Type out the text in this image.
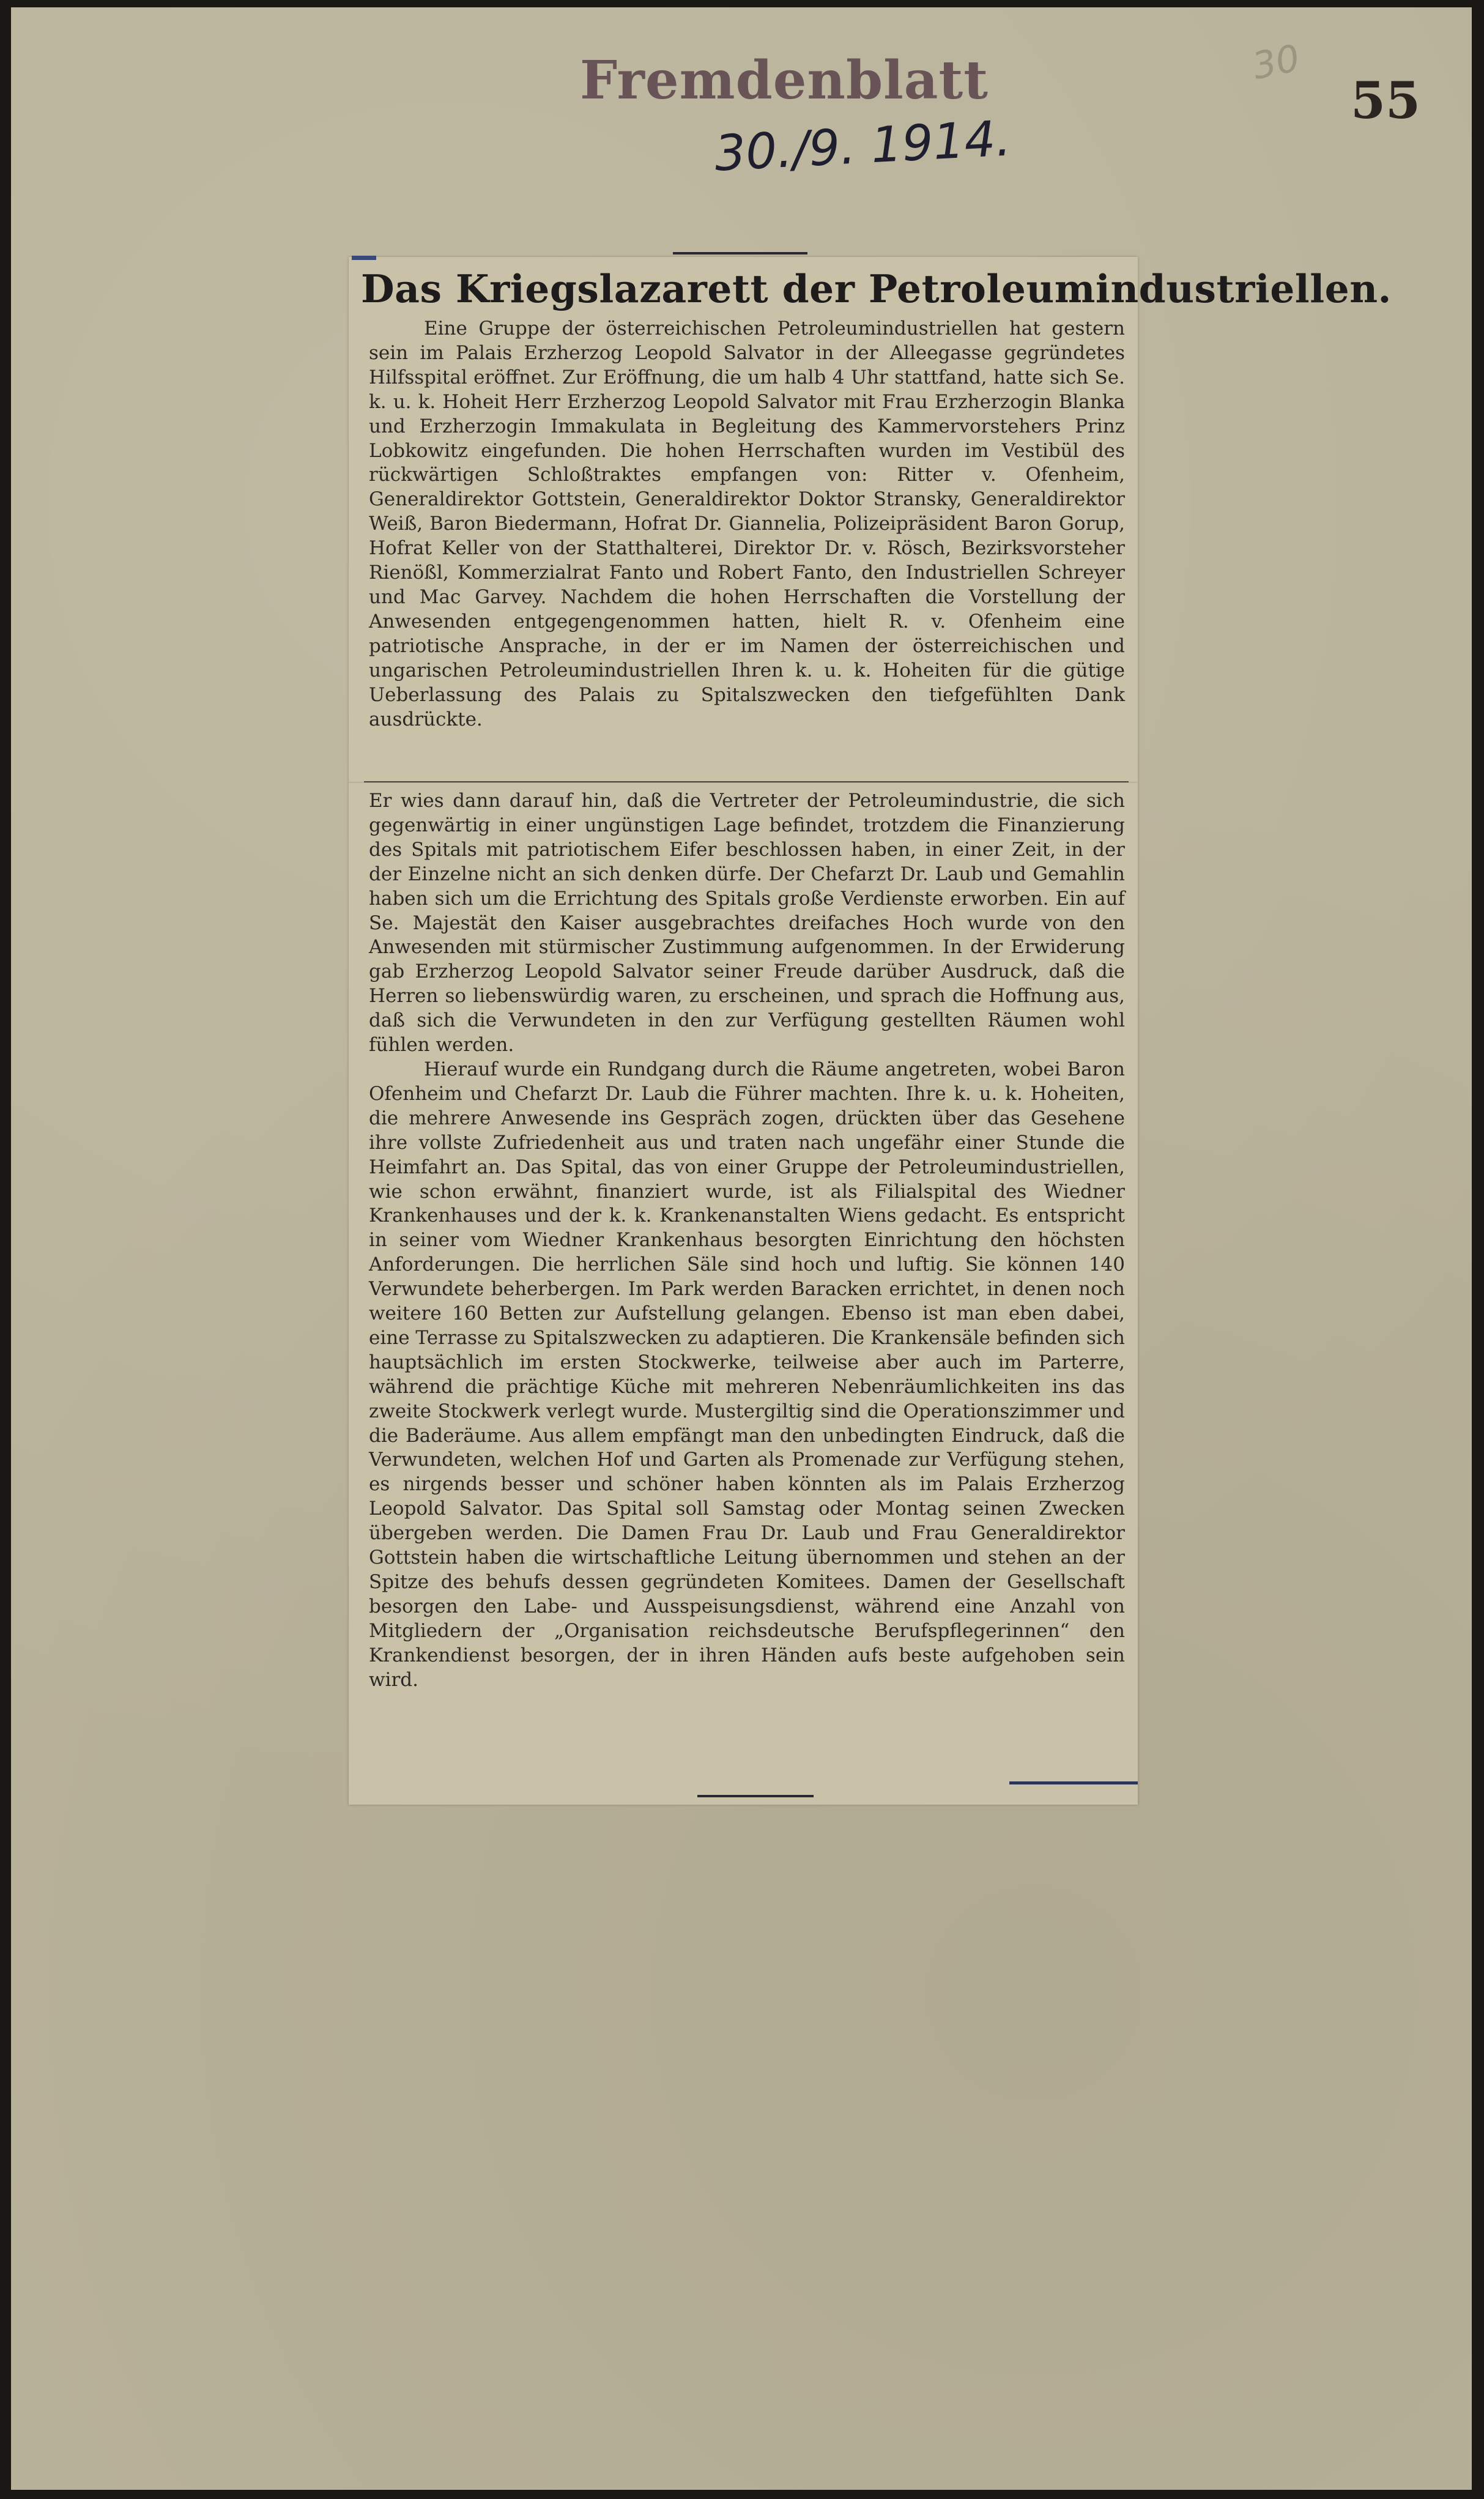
Fremdenblatt	30
55
30./9. 1914.
Das Kriegslazarett der Petroleumindustriellen.

Eine Gruppe der österreichischen Petroleumindustriellen hat gestern sein im Palais Erzherzog Leopold Salvator in der Alleegasse gegründetes Hilfsspital eröffnet. Zur Eröffnung, die um halb 4 Uhr stattfand, hatte sich Se. k. u. k. Hoheit Herr Erzherzog Leopold Salvator mit Frau Erzherzogin Blanka und Erzherzogin Immakulata in Begleitung des Kammervorstehers Prinz Lobkowitz eingefunden. Die hohen Herrschaften wurden im Vestibül des rückwärtigen Schloßtraktes empfangen von: Ritter v. Ofenheim, Generaldirektor Gottstein, Generaldirektor Doktor Stransky, Generaldirektor Weiß, Baron Biedermann, Hofrat Dr. Giannelia, Polizeipräsident Baron Gorup, Hofrat Keller von der Statthalterei, Direktor Dr. v. Rösch, Bezirksvorsteher Rienößl, Kommerzialrat Fanto und Robert Fanto, den Industriellen Schreyer und Mac Garvey. Nachdem die hohen Herrschaften die Vorstellung der Anwesenden entgegengenommen hatten, hielt R. v. Ofenheim eine patriotische Ansprache, in der er im Namen der österreichischen und ungarischen Petroleumindustriellen Ihren k. u. k. Hoheiten für die gütige Ueberlassung des Palais zu Spitalszwecken den tiefgefühlten Dank ausdrückte.

Er wies dann darauf hin, daß die Vertreter der Petroleumindustrie, die sich gegenwärtig in einer ungünstigen Lage befindet, trotzdem die Finanzierung des Spitals mit patriotischem Eifer beschlossen haben, in einer Zeit, in der der Einzelne nicht an sich denken dürfe. Der Chefarzt Dr. Laub und Gemahlin haben sich um die Errichtung des Spitals große Verdienste erworben. Ein auf Se. Majestät den Kaiser ausgebrachtes dreifaches Hoch wurde von den Anwesenden mit stürmischer Zustimmung aufgenommen. In der Erwiderung gab Erzherzog Leopold Salvator seiner Freude darüber Ausdruck, daß die Herren so liebenswürdig waren, zu erscheinen, und sprach die Hoffnung aus, daß sich die Verwundeten in den zur Verfügung gestellten Räumen wohl fühlen werden.

Hierauf wurde ein Rundgang durch die Räume angetreten, wobei Baron Ofenheim und Chefarzt Dr. Laub die Führer machten. Ihre k. u. k. Hoheiten, die mehrere Anwesende ins Gespräch zogen, drückten über das Gesehene ihre vollste Zufriedenheit aus und traten nach ungefähr einer Stunde die Heimfahrt an. Das Spital, das von einer Gruppe der Petroleumindustriellen, wie schon erwähnt, finanziert wurde, ist als Filialspital des Wiedner Krankenhauses und der k. k. Krankenanstalten Wiens gedacht. Es entspricht in seiner vom Wiedner Krankenhaus besorgten Einrichtung den höchsten Anforderungen. Die herrlichen Säle sind hoch und luftig. Sie können 140 Verwundete beherbergen. Im Park werden Baracken errichtet, in denen noch weitere 160 Betten zur Aufstellung gelangen. Ebenso ist man eben dabei, eine Terrasse zu Spitalszwecken zu adaptieren. Die Krankensäle befinden sich hauptsächlich im ersten Stockwerke, teilweise aber auch im Parterre, während die prächtige Küche mit mehreren Nebenräumlichkeiten ins das zweite Stockwerk verlegt wurde. Mustergiltig sind die Operationszimmer und die Baderäume. Aus allem empfängt man den unbedingten Eindruck, daß die Verwundeten, welchen Hof und Garten als Promenade zur Verfügung stehen, es nirgends besser und schöner haben könnten als im Palais Erzherzog Leopold Salvator. Das Spital soll Samstag oder Montag seinen Zwecken übergeben werden. Die Damen Frau Dr. Laub und Frau Generaldirektor Gottstein haben die wirtschaftliche Leitung übernommen und stehen an der Spitze des behufs dessen gegründeten Komitees. Damen der Gesellschaft besorgen den Labe- und Ausspeisungsdienst, während eine Anzahl von Mitgliedern der „Organisation reichsdeutsche Berufspflegerinnen“ den Krankendienst besorgen, der in ihren Händen aufs beste aufgehoben sein wird.
